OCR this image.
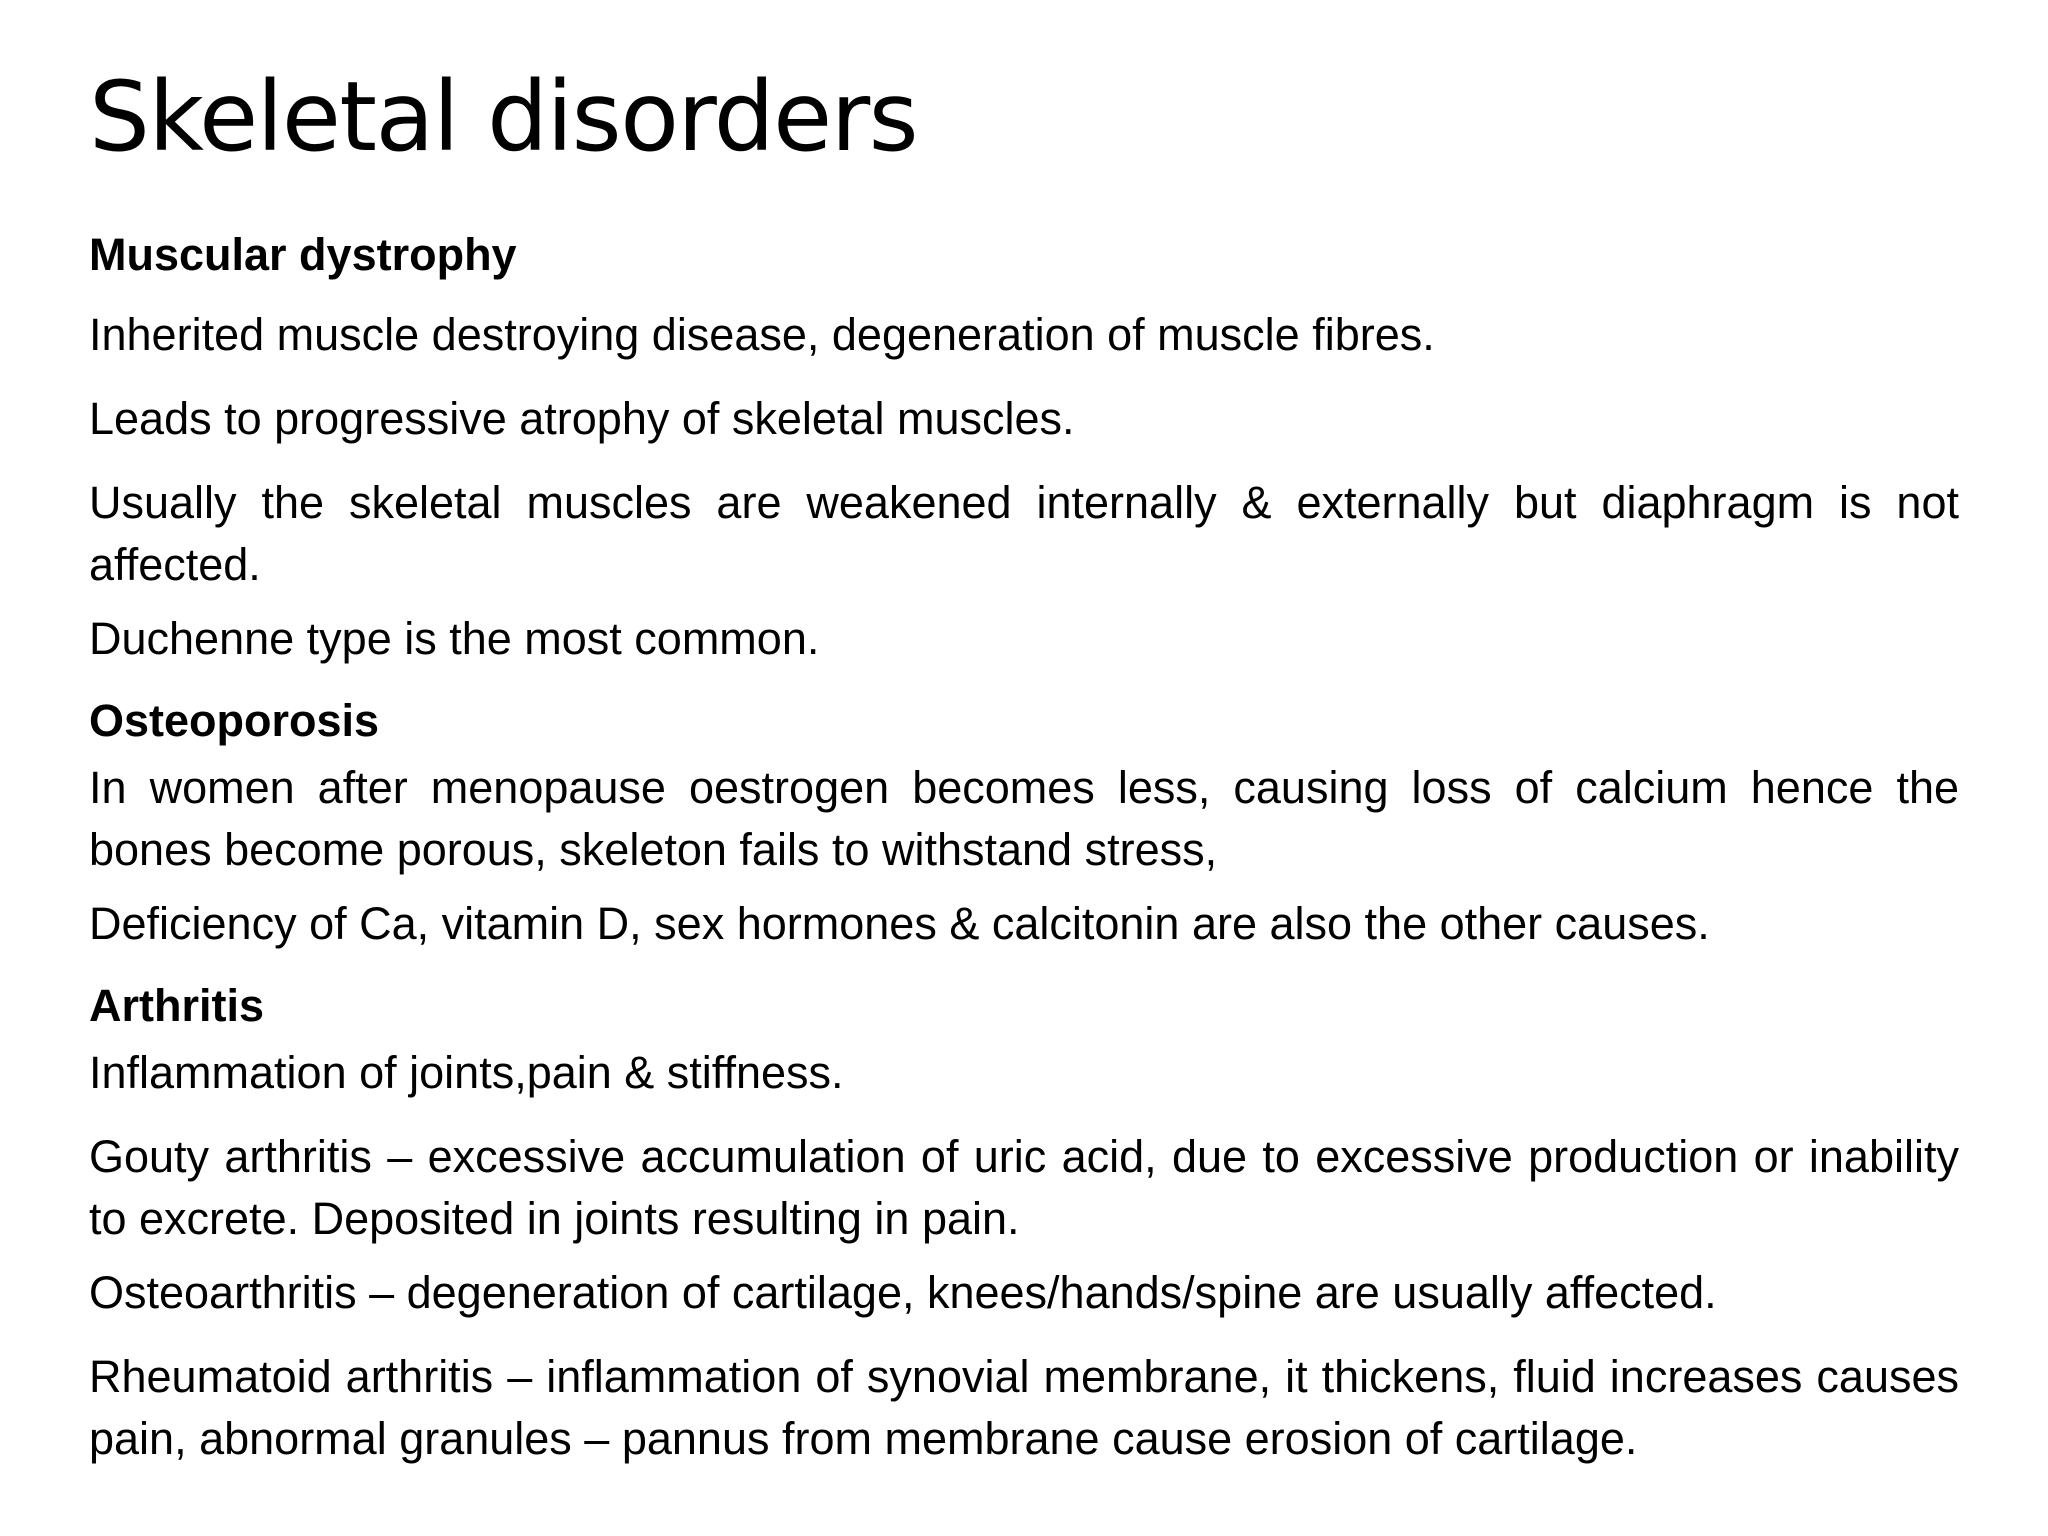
Skeletal disorders

Muscular dystrophy

Inherited muscle destroying disease, degeneration of muscle fibres.

Leads to progressive atrophy of skeletal muscles.

Usually the skeletal muscles are weakened internally & externally but diaphragm is not affected.

Duchenne type is the most common.

Osteoporosis

In women after menopause oestrogen becomes less, causing loss of calcium hence the bones become porous, skeleton fails to withstand stress,

Deficiency of Ca, vitamin D, sex hormones & calcitonin are also the other causes.

Arthritis

Inflammation of joints,pain & stiffness.

Gouty arthritis – excessive accumulation of uric acid, due to excessive production or inability to excrete. Deposited in joints resulting in pain.

Osteoarthritis – degeneration of cartilage, knees/hands/spine are usually affected.

Rheumatoid arthritis – inflammation of synovial membrane, it thickens, fluid increases causes pain, abnormal granules – pannus from membrane cause erosion of cartilage.
